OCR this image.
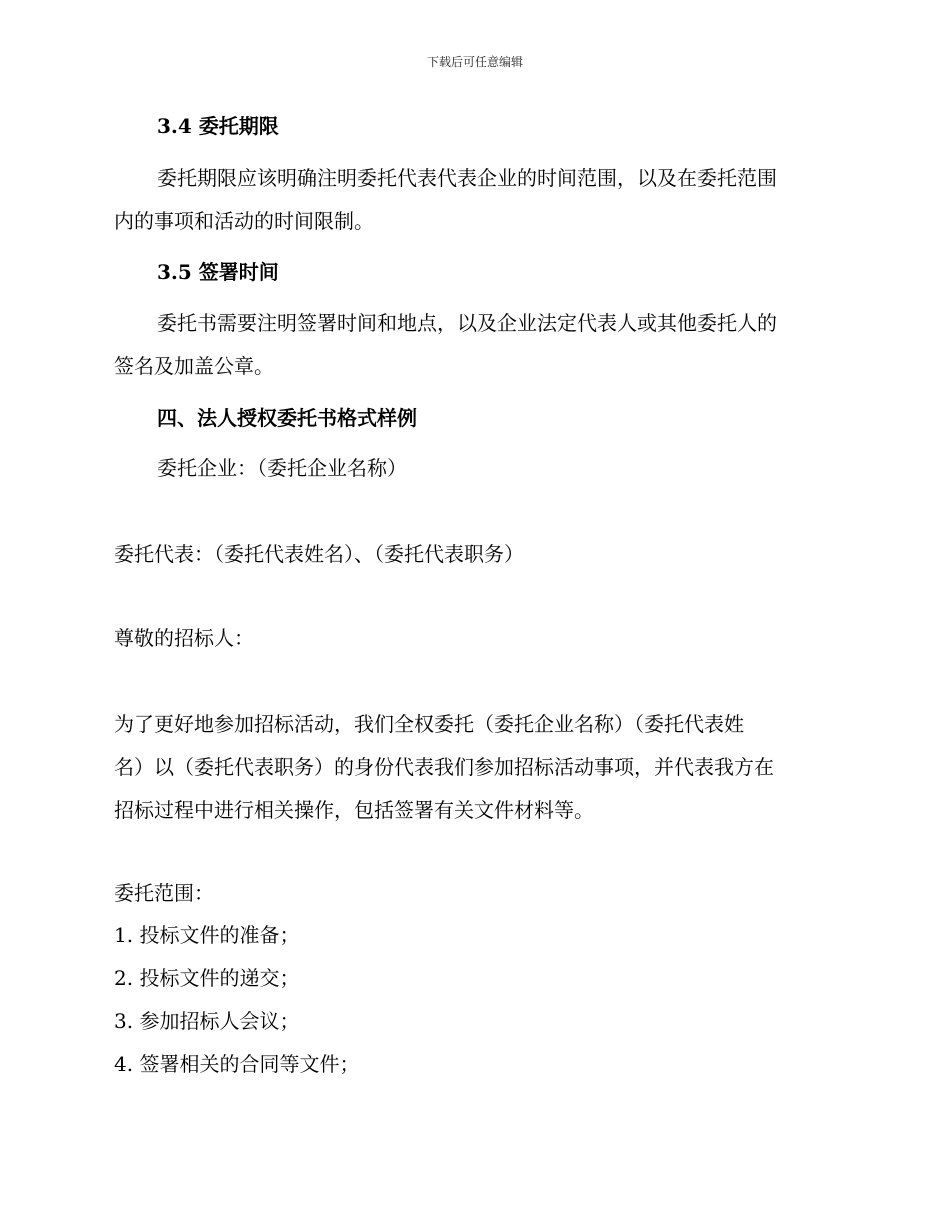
下载后可任意编辑
3.4 委托期限
委托期限应该明确注明委托代表代表企业的时间范围，以及在委托范围
内的事项和活动的时间限制。
3.5 签署时间
委托书需要注明签署时间和地点，以及企业法定代表人或其他委托人的
签名及加盖公章。
四、法人授权委托书格式样例
委托企业：（委托企业名称）
委托代表：（委托代表姓名）、（委托代表职务）
尊敬的招标人：
为了更好地参加招标活动，我们全权委托（委托企业名称）（委托代表姓
名）以（委托代表职务）的身份代表我们参加招标活动事项，并代表我方在
招标过程中进行相关操作，包括签署有关文件材料等。
委托范围：
1. 投标文件的准备；
2. 投标文件的递交；
3. 参加招标人会议；
4. 签署相关的合同等文件；
